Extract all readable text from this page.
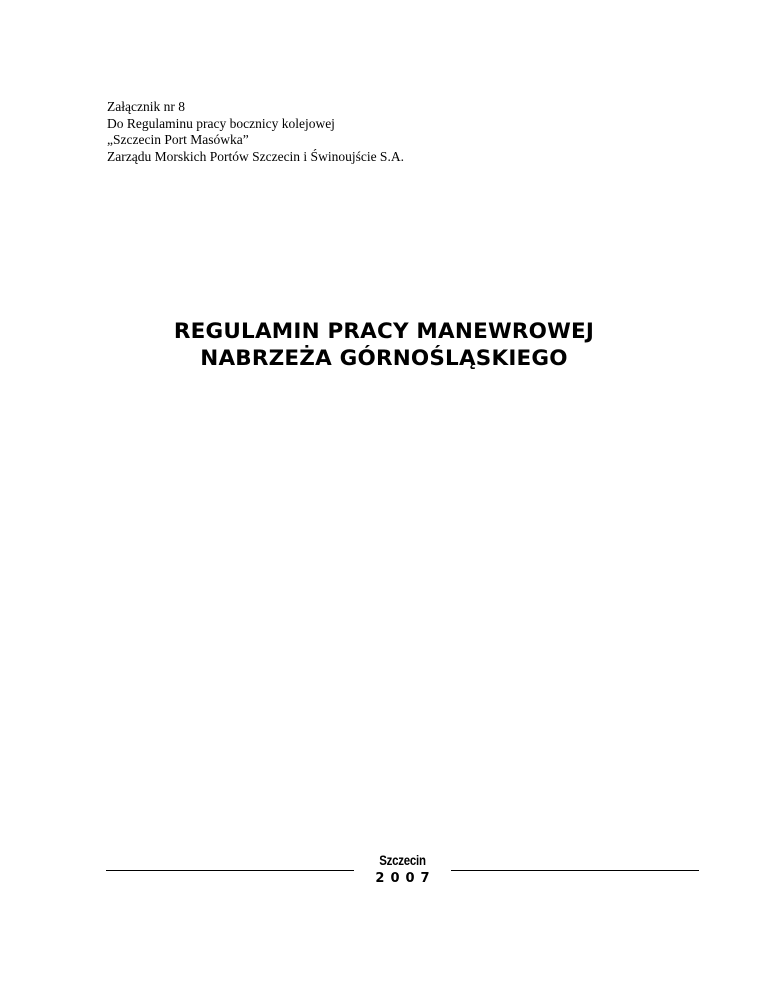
Załącznik nr 8
Do Regulaminu pracy bocznicy kolejowej
„Szczecin Port Masówka”
Zarządu Morskich Portów Szczecin i Świnoujście S.A.
REGULAMIN PRACY MANEWROWEJ
NABRZEŻA GÓRNOŚLĄSKIEGO
Szczecin
2007
